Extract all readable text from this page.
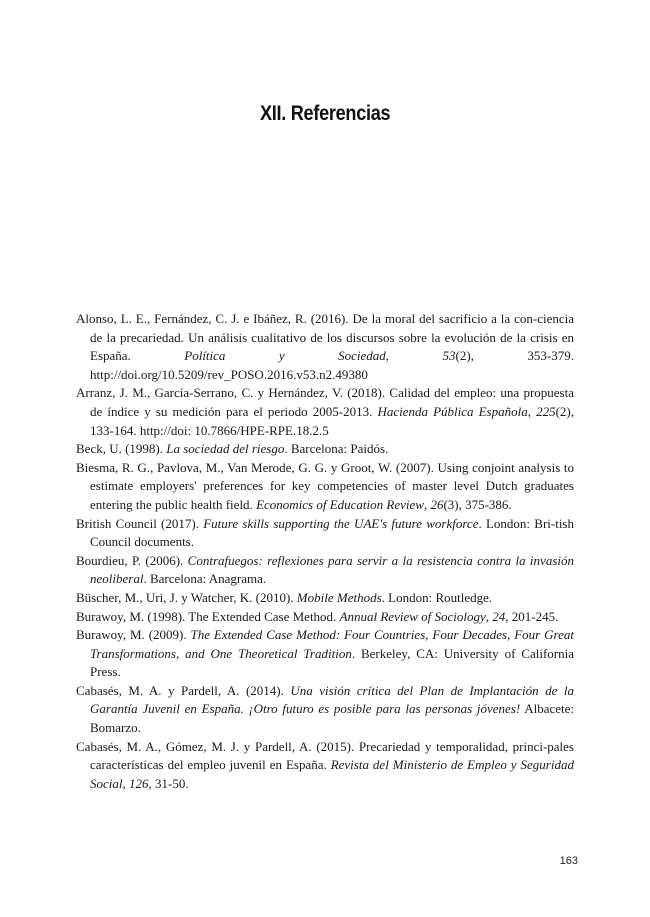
XII. Referencias

Alonso, L. E., Fernández, C. J. e Ibáñez, R. (2016). De la moral del sacrificio a la con-ciencia de la precariedad. Un análisis cualitativo de los discursos sobre la evolución de la crisis en España. Política y Sociedad, 53(2), 353-379. http://doi.org/10.5209/rev_POSO.2016.v53.n2.49380

Arranz, J. M., García-Serrano, C. y Hernández, V. (2018). Calidad del empleo: una propuesta de índice y su medición para el periodo 2005-2013. Hacienda Pública Española, 225(2), 133-164. http://doi: 10.7866/HPE-RPE.18.2.5

Beck, U. (1998). La sociedad del riesgo. Barcelona: Paidós.

Biesma, R. G., Pavlova, M., Van Merode, G. G. y Groot, W. (2007). Using conjoint analysis to estimate employers' preferences for key competencies of master level Dutch graduates entering the public health field. Economics of Education Review, 26(3), 375-386.

British Council (2017). Future skills supporting the UAE's future workforce. London: Bri-tish Council documents.

Bourdieu, P. (2006). Contrafuegos: reflexiones para servir a la resistencia contra la invasión neoliberal. Barcelona: Anagrama.

Büscher, M., Uri, J. y Watcher, K. (2010). Mobile Methods. London: Routledge.

Burawoy, M. (1998). The Extended Case Method. Annual Review of Sociology, 24, 201-245.

Burawoy, M. (2009). The Extended Case Method: Four Countries, Four Decades, Four Great Transformations, and One Theoretical Tradition. Berkeley, CA: University of California Press.

Cabasés, M. A. y Pardell, A. (2014). Una visión crítica del Plan de Implantación de la Garantía Juvenil en España. ¡Otro futuro es posible para las personas jóvenes! Albacete: Bomarzo.

Cabasés, M. A., Gómez, M. J. y Pardell, A. (2015). Precariedad y temporalidad, princi-pales características del empleo juvenil en España. Revista del Ministerio de Empleo y Seguridad Social, 126, 31-50.

163
